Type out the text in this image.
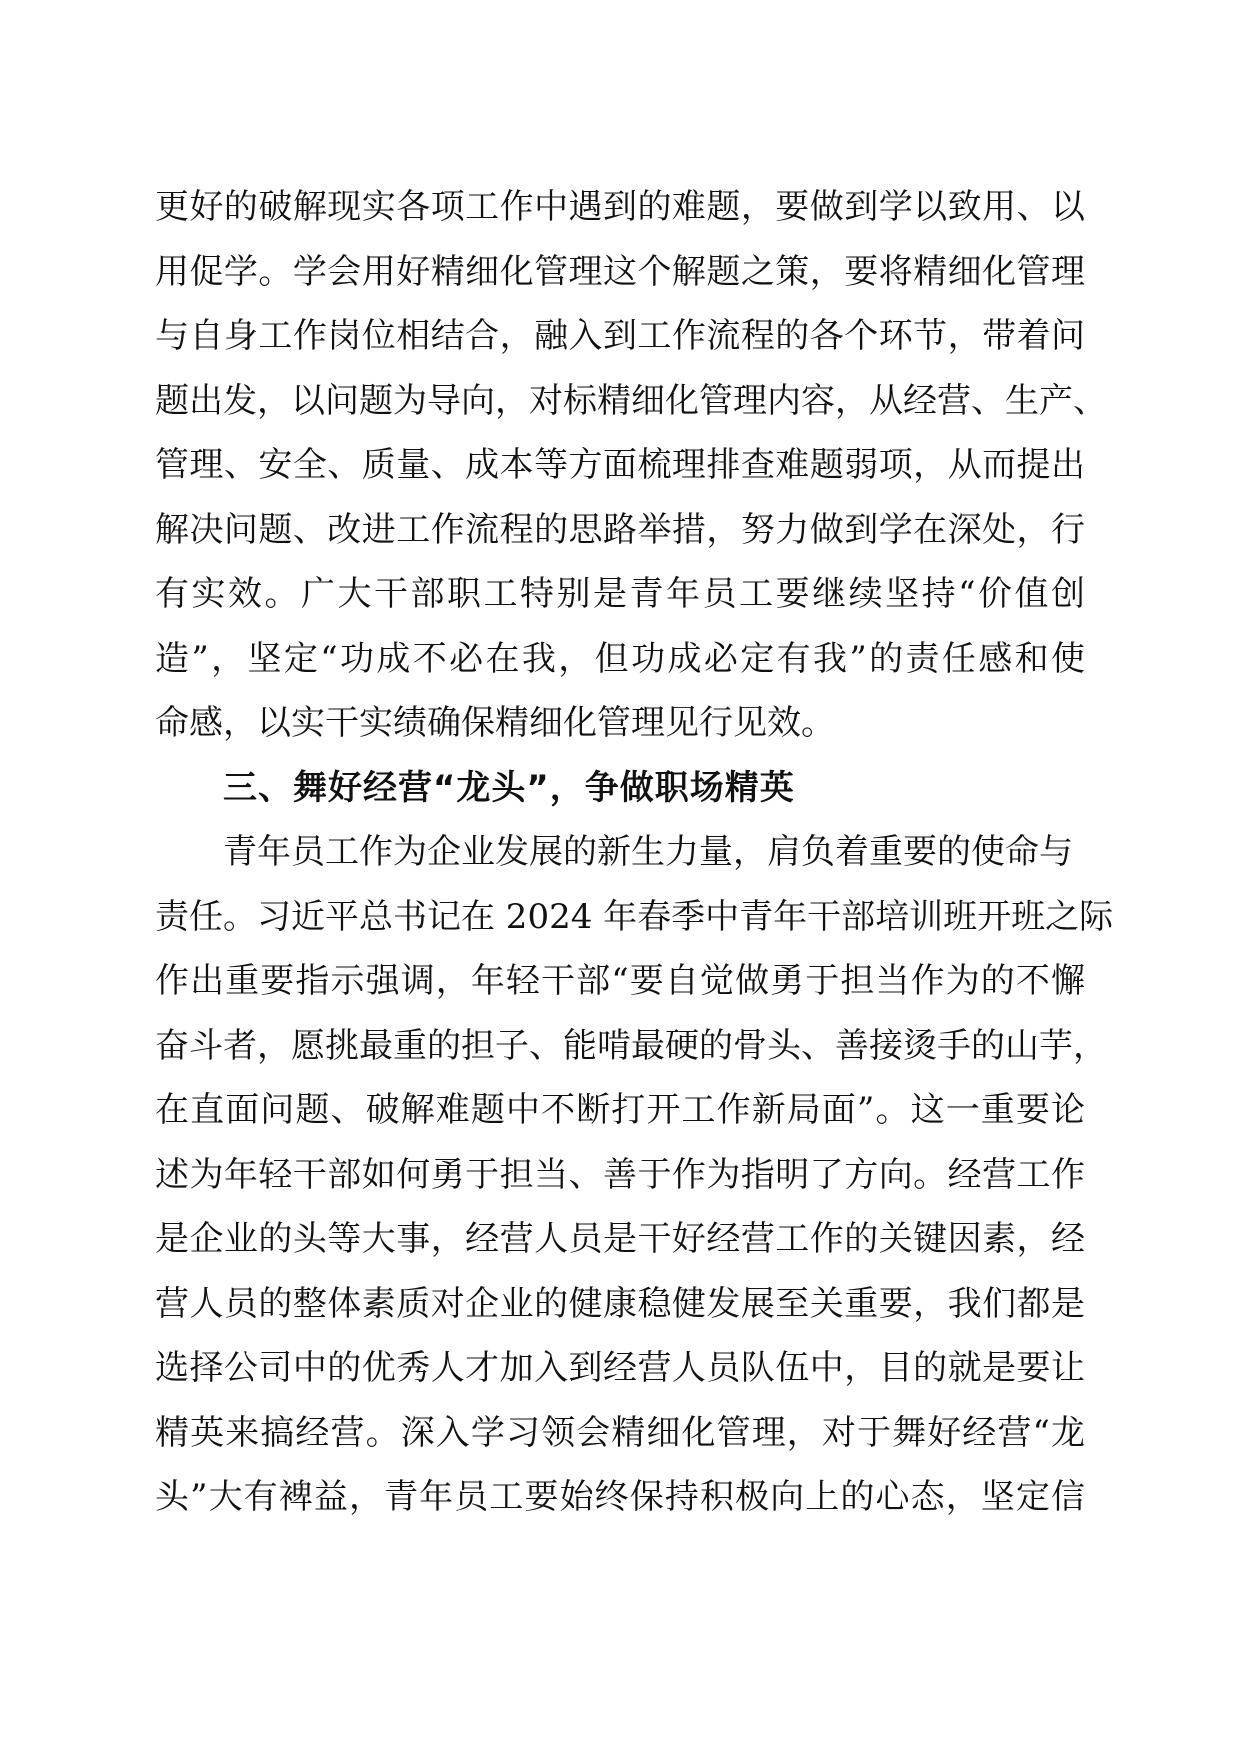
更好的破解现实各项工作中遇到的难题，要做到学以致用、以
用促学。学会用好精细化管理这个解题之策，要将精细化管理
与自身工作岗位相结合，融入到工作流程的各个环节，带着问
题出发，以问题为导向，对标精细化管理内容，从经营、生产、
管理、安全、质量、成本等方面梳理排查难题弱项，从而提出
解决问题、改进工作流程的思路举措，努力做到学在深处，行
有实效。广大干部职工特别是青年员工要继续坚持“价值创
造”，坚定“功成不必在我，但功成必定有我”的责任感和使
命感，以实干实绩确保精细化管理见行见效。
三、舞好经营“龙头”，争做职场精英
青年员工作为企业发展的新生力量，肩负着重要的使命与
责任。习近平总书记在 2024 年春季中青年干部培训班开班之际
作出重要指示强调，年轻干部“要自觉做勇于担当作为的不懈
奋斗者，愿挑最重的担子、能啃最硬的骨头、善接烫手的山芋，
在直面问题、破解难题中不断打开工作新局面”。这一重要论
述为年轻干部如何勇于担当、善于作为指明了方向。经营工作
是企业的头等大事，经营人员是干好经营工作的关键因素，经
营人员的整体素质对企业的健康稳健发展至关重要，我们都是
选择公司中的优秀人才加入到经营人员队伍中，目的就是要让
精英来搞经营。深入学习领会精细化管理，对于舞好经营“龙
头”大有裨益，青年员工要始终保持积极向上的心态，坚定信
